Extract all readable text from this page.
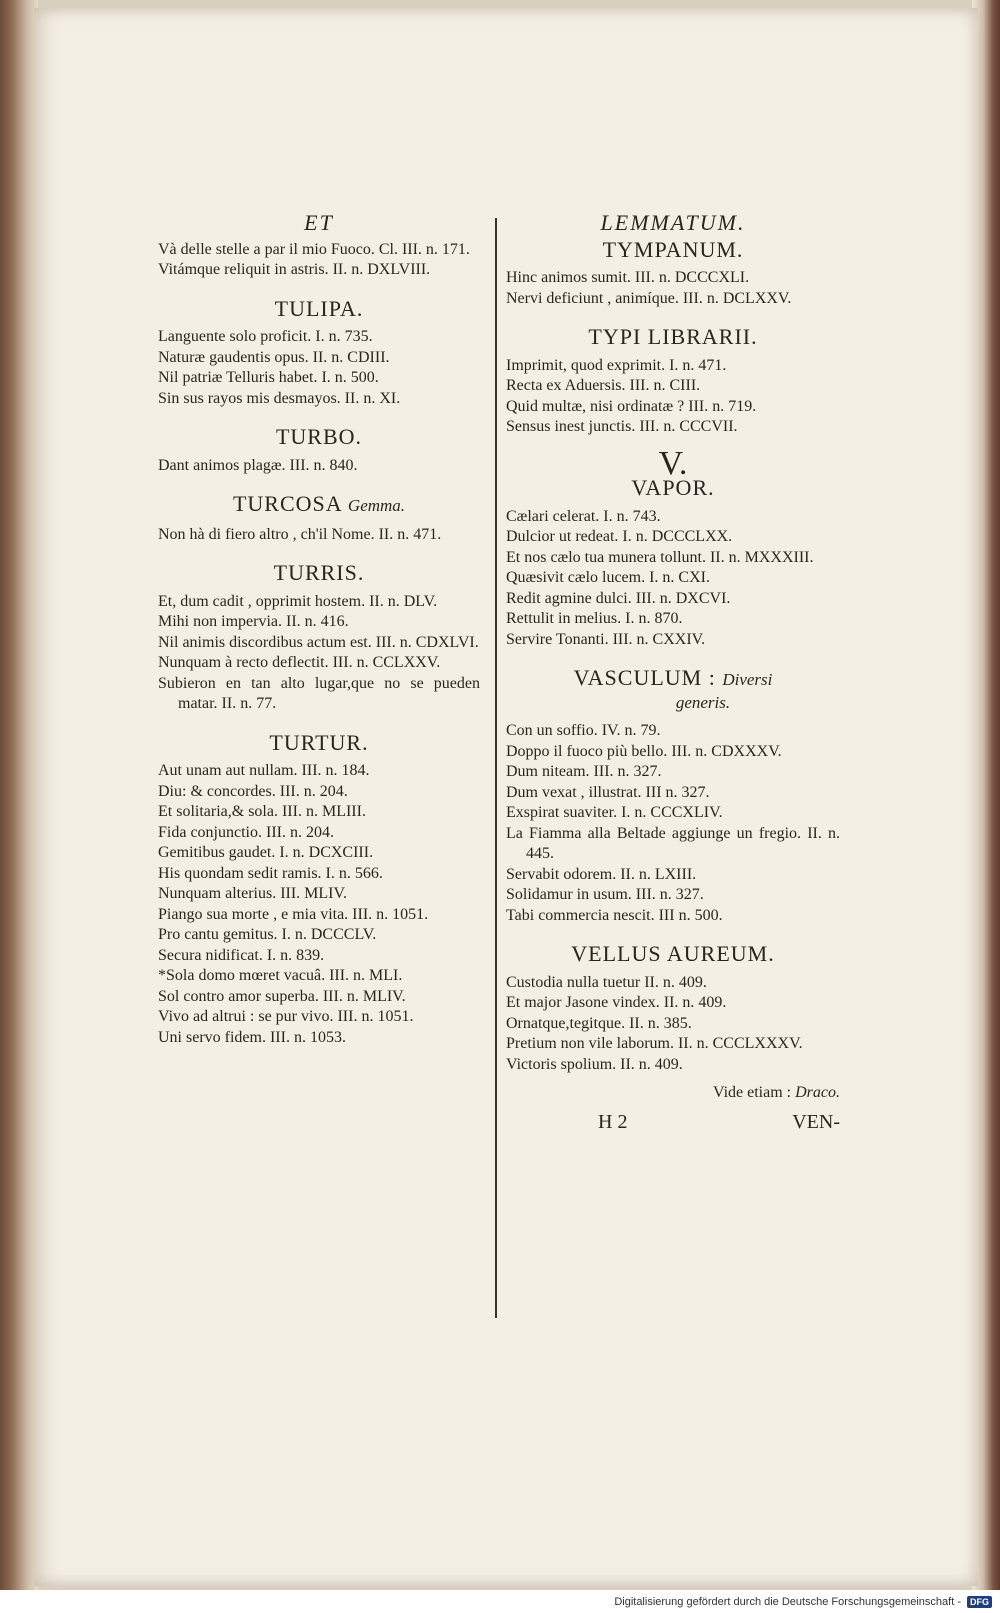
ET

Và delle stelle a par il mio Fuoco. Cl. III. n. 171.

Vitámque reliquit in astris. II. n. DXLVIII.

TULIPA.

Languente solo proficit. I. n. 735.

Naturæ gaudentis opus. II. n. CDIII.

Nil patriæ Telluris habet. I. n. 500.

Sin sus rayos mis desmayos. II. n. XI.

TURBO.

Dant animos plagæ. III. n. 840.

TURCOSA Gemma.

Non hà di fiero altro , ch'il Nome. II. n. 471.

TURRIS.

Et, dum cadit , opprimit hostem. II. n. DLV.

Mihi non impervia. II. n. 416.

Nil animis discordibus actum est. III. n. CDXLVI.

Nunquam à recto deflectit. III. n. CCLXXV.

Subieron en tan alto lugar,que no se pueden matar. II. n. 77.

TURTUR.

Aut unam aut nullam. III. n. 184.

Diu: & concordes. III. n. 204.

Et solitaria,& sola. III. n. MLIII.

Fida conjunctio. III. n. 204.

Gemitibus gaudet. I. n. DCXCIII.

His quondam sedit ramis. I. n. 566.

Nunquam alterius. III. MLIV.

Piango sua morte , e mia vita. III. n. 1051.

Pro cantu gemitus. I. n. DCCCLV.

Secura nidificat. I. n. 839.

*Sola domo mœret vacuâ. III. n. MLI.

Sol contro amor superba. III. n. MLIV.

Vivo ad altrui : se pur vivo. III. n. 1051.

Uni servo fidem. III. n. 1053.

LEMMATUM.
TYMPANUM.

Hinc animos sumit. III. n. DCCCXLI.

Nervi deficiunt , animíque. III. n. DCLXXV.

TYPI LIBRARII.

Imprimit, quod exprimit. I. n. 471.

Recta ex Aduersis. III. n. CIII.

Quid multæ, nisi ordinatæ ? III. n. 719.

Sensus inest junctis. III. n. CCCVII.

V.
VAPOR.

Cælari celerat. I. n. 743.

Dulcior ut redeat. I. n. DCCCLXX.

Et nos cælo tua munera tollunt. II. n. MXXXIII.

Quæsivit cælo lucem. I. n. CXI.

Redit agmine dulci. III. n. DXCVI.

Rettulit in melius. I. n. 870.

Servire Tonanti. III. n. CXXIV.

VASCULUM : Diversi
generis.

Con un soffio. IV. n. 79.

Doppo il fuoco più bello. III. n. CDXXXV.

Dum niteam. III. n. 327.

Dum vexat , illustrat. III n. 327.

Exspirat suaviter. I. n. CCCXLIV.

La Fiamma alla Beltade aggiunge un fregio. II. n. 445.

Servabit odorem. II. n. LXIII.

Solidamur in usum. III. n. 327.

Tabi commercia nescit. III n. 500.

VELLUS AUREUM.

Custodia nulla tuetur II. n. 409.

Et major Jasone vindex. II. n. 409.

Ornatque,tegitque. II. n. 385.

Pretium non vile laborum. II. n. CCCLXXXV.

Victoris spolium. II. n. 409.

Vide etiam : Draco.
H 2	VEN-
Digitalisierung gefördert durch die Deutsche Forschungsgemeinschaft -	DFG
